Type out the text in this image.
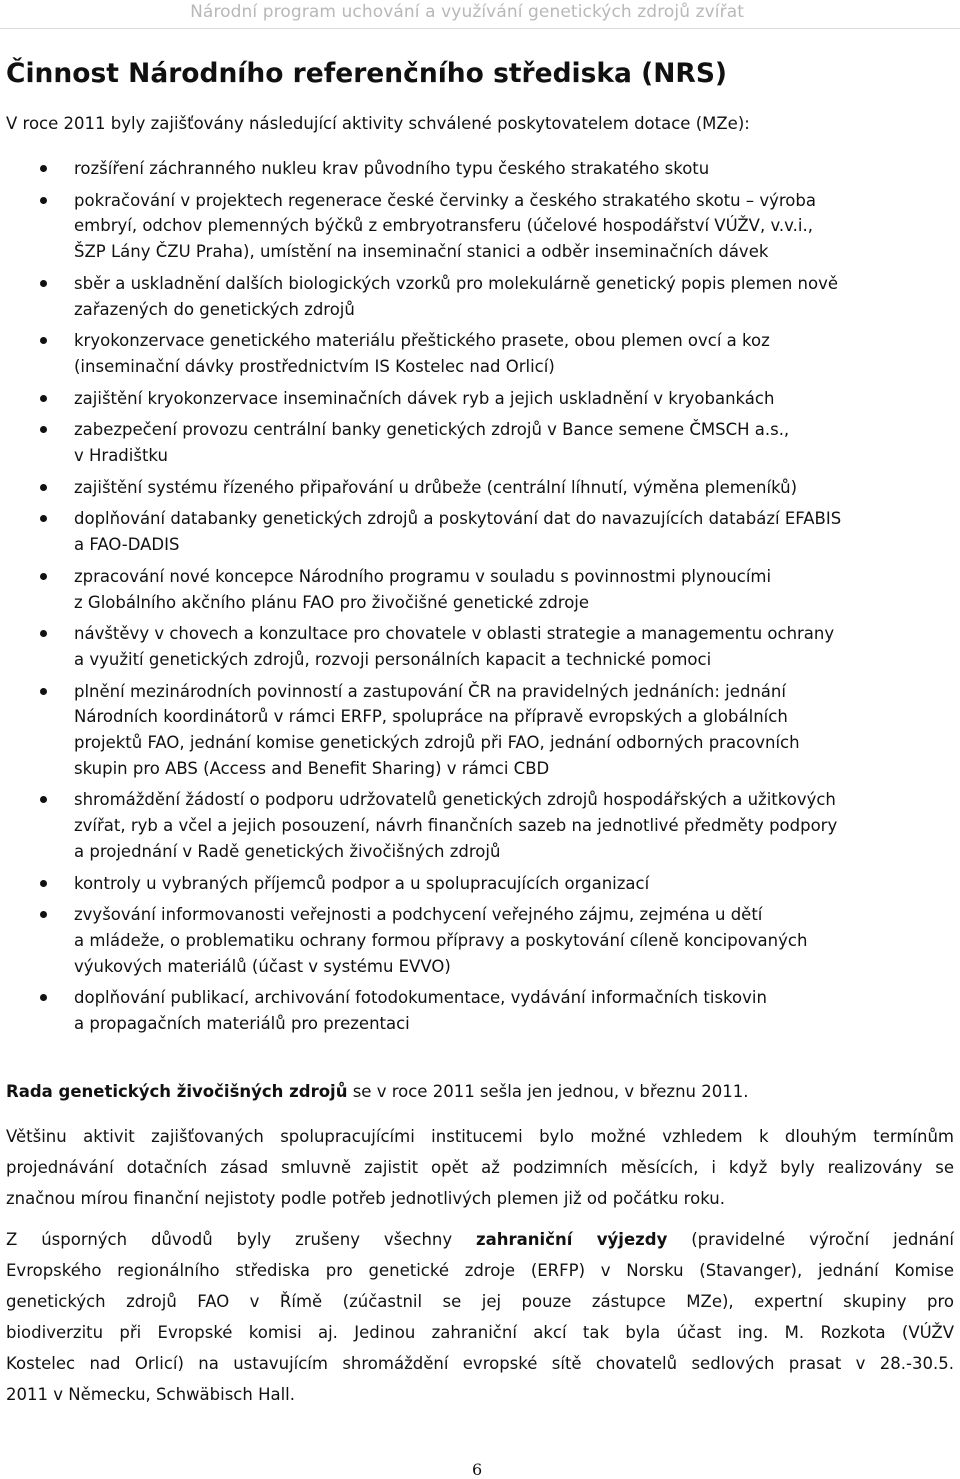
Národní program uchování a využívání genetických zdrojů zvířat
Činnost Národního referenčního střediska (NRS)
V roce 2011 byly zajišťovány následující aktivity schválené poskytovatelem dotace (MZe):
rozšíření záchranného nukleu krav původního typu českého strakatého skotu
pokračování v projektech regenerace české červinky a českého strakatého skotu – výroba
embryí, odchov plemenných býčků z embryotransferu (účelové hospodářství VÚŽV, v.v.i.,
ŠZP Lány ČZU Praha), umístění na inseminační stanici a odběr inseminačních dávek
sběr a uskladnění dalších biologických vzorků pro molekulárně genetický popis plemen nově
zařazených do genetických zdrojů
kryokonzervace genetického materiálu přeštického prasete, obou plemen ovcí a koz
(inseminační dávky prostřednictvím IS Kostelec nad Orlicí)
zajištění kryokonzervace inseminačních dávek ryb a jejich uskladnění v kryobankách
zabezpečení provozu centrální banky genetických zdrojů v Bance semene ČMSCH a.s.,
v Hradištku
zajištění systému řízeného připařování u drůbeže (centrální líhnutí, výměna plemeníků)
doplňování databanky genetických zdrojů a poskytování dat do navazujících databází EFABIS
a FAO-DADIS
zpracování nové koncepce Národního programu v souladu s povinnostmi plynoucími
z Globálního akčního plánu FAO pro živočišné genetické zdroje
návštěvy v chovech a konzultace pro chovatele v oblasti strategie a managementu ochrany
a využití genetických zdrojů, rozvoji personálních kapacit a technické pomoci
plnění mezinárodních povinností a zastupování ČR na pravidelných jednáních: jednání
Národních koordinátorů v rámci ERFP, spolupráce na přípravě evropských a globálních
projektů FAO, jednání komise genetických zdrojů při FAO, jednání odborných pracovních
skupin pro ABS (Access and Benefit Sharing) v rámci CBD
shromáždění žádostí o podporu udržovatelů genetických zdrojů hospodářských a užitkových
zvířat, ryb a včel a jejich posouzení, návrh finančních sazeb na jednotlivé předměty podpory
a projednání v Radě genetických živočišných zdrojů
kontroly u vybraných příjemců podpor a u spolupracujících organizací
zvyšování informovanosti veřejnosti a podchycení veřejného zájmu, zejména u dětí
a mládeže, o problematiku ochrany formou přípravy a poskytování cíleně koncipovaných
výukových materiálů (účast v systému EVVO)
doplňování publikací, archivování fotodokumentace, vydávání informačních tiskovin
a propagačních materiálů pro prezentaci
Rada genetických živočišných zdrojů se v roce 2011 sešla jen jednou, v březnu 2011.
Většinu aktivit zajišťovaných spolupracujícími institucemi bylo možné vzhledem k dlouhým termínům
projednávání dotačních zásad smluvně zajistit opět až podzimních měsících, i když byly realizovány se
značnou mírou finanční nejistoty podle potřeb jednotlivých plemen již od počátku roku.
Z úsporných důvodů byly zrušeny všechny zahraniční výjezdy (pravidelné výroční jednání
Evropského regionálního střediska pro genetické zdroje (ERFP) v Norsku (Stavanger), jednání Komise
genetických zdrojů FAO v Římě (zúčastnil se jej pouze zástupce MZe), expertní skupiny pro
biodiverzitu při Evropské komisi aj. Jedinou zahraniční akcí tak byla účast ing. M. Rozkota (VÚŽV
Kostelec nad Orlicí) na ustavujícím shromáždění evropské sítě chovatelů sedlových prasat v 28.-30.5.
2011 v Německu, Schwäbisch Hall.
6
